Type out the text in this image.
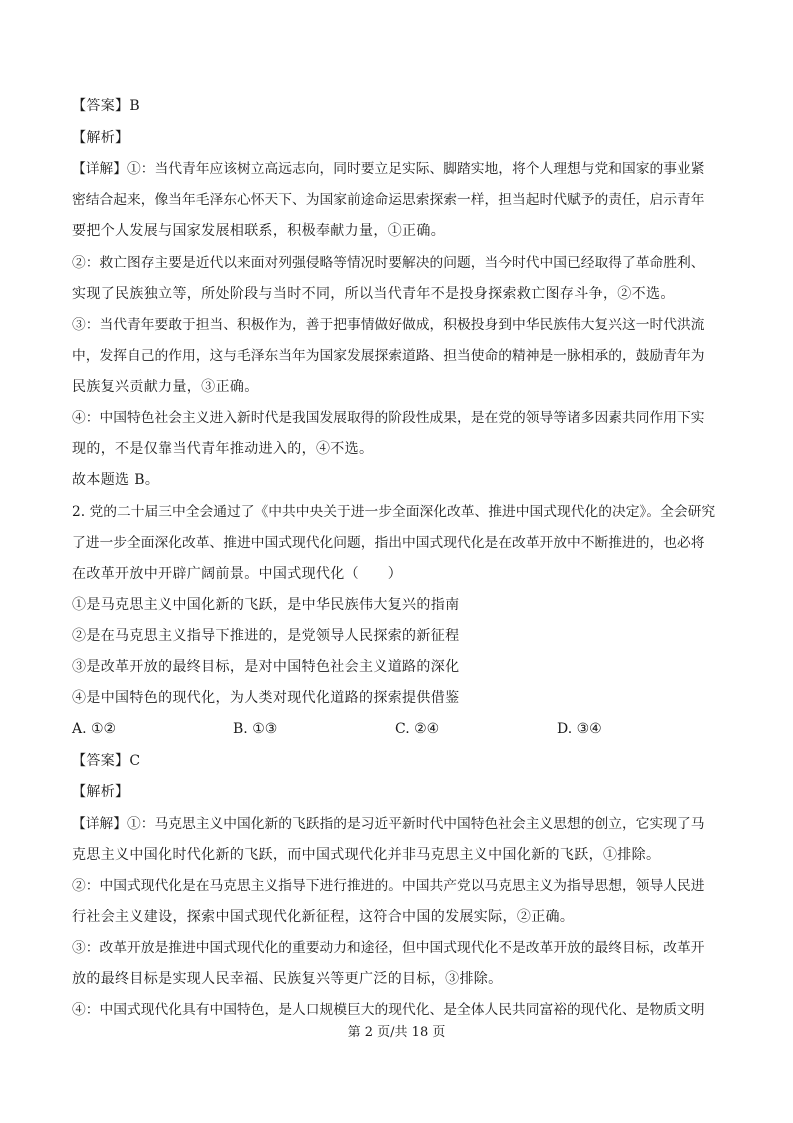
【答案】B
【解析】
【详解】①：当代青年应该树立高远志向，同时要立足实际、脚踏实地，将个人理想与党和国家的事业紧
密结合起来，像当年毛泽东心怀天下、为国家前途命运思索探索一样，担当起时代赋予的责任，启示青年
要把个人发展与国家发展相联系，积极奉献力量，①正确。
②：救亡图存主要是近代以来面对列强侵略等情况时要解决的问题，当今时代中国已经取得了革命胜利、
实现了民族独立等，所处阶段与当时不同，所以当代青年不是投身探索救亡图存斗争，②不选。
③：当代青年要敢于担当、积极作为，善于把事情做好做成，积极投身到中华民族伟大复兴这一时代洪流
中，发挥自己的作用，这与毛泽东当年为国家发展探索道路、担当使命的精神是一脉相承的，鼓励青年为
民族复兴贡献力量，③正确。
④：中国特色社会主义进入新时代是我国发展取得的阶段性成果，是在党的领导等诸多因素共同作用下实
现的，不是仅靠当代青年推动进入的，④不选。
故本题选 B。
2. 党的二十届三中全会通过了《中共中央关于进一步全面深化改革、推进中国式现代化的决定》。全会研究
了进一步全面深化改革、推进中国式现代化问题，指出中国式现代化是在改革开放中不断推进的，也必将
在改革开放中开辟广阔前景。中国式现代化（　　）
①是马克思主义中国化新的飞跃，是中华民族伟大复兴的指南
②是在马克思主义指导下推进的，是党领导人民探索的新征程
③是改革开放的最终目标，是对中国特色社会主义道路的深化
④是中国特色的现代化，为人类对现代化道路的探索提供借鉴
A. ①②	B. ①③	C. ②④	D. ③④
【答案】C
【解析】
【详解】①：马克思主义中国化新的飞跃指的是习近平新时代中国特色社会主义思想的创立，它实现了马
克思主义中国化时代化新的飞跃，而中国式现代化并非马克思主义中国化新的飞跃，①排除。
②：中国式现代化是在马克思主义指导下进行推进的。中国共产党以马克思主义为指导思想，领导人民进
行社会主义建设，探索中国式现代化新征程，这符合中国的发展实际，②正确。
③：改革开放是推进中国式现代化的重要动力和途径，但中国式现代化不是改革开放的最终目标，改革开
放的最终目标是实现人民幸福、民族复兴等更广泛的目标，③排除。
④：中国式现代化具有中国特色，是人口规模巨大的现代化、是全体人民共同富裕的现代化、是物质文明
第 2 页/共 18 页
